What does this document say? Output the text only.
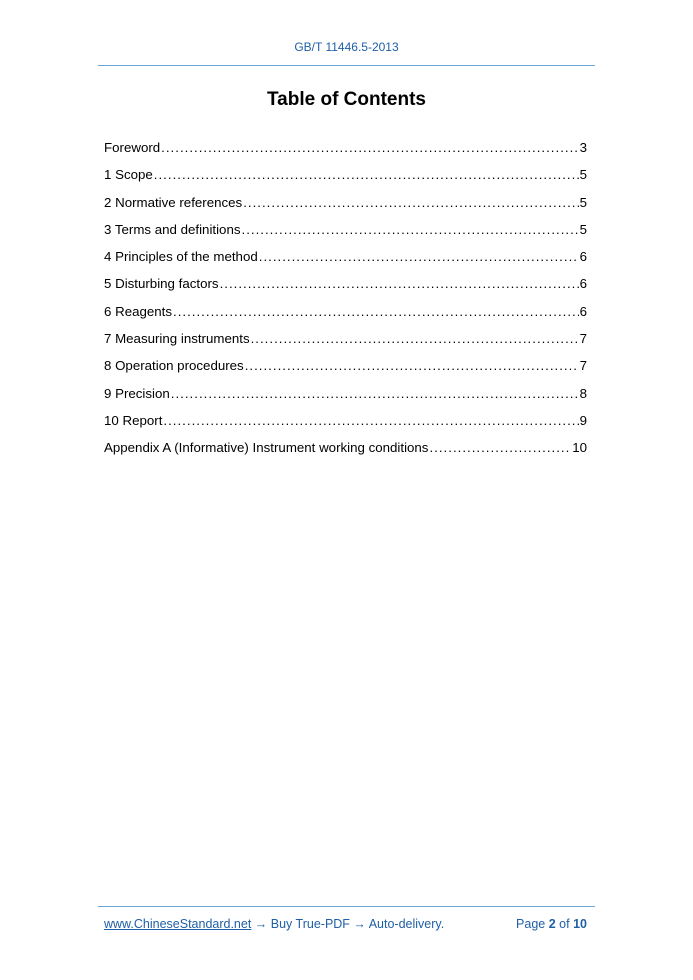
GB/T 11446.5-2013
Table of Contents
Foreword .....	3
1 Scope .....	5
2 Normative references .....	5
3 Terms and definitions .....	5
4 Principles of the method .....	6
5 Disturbing factors .....	6
6 Reagents .....	6
7 Measuring instruments .....	7
8 Operation procedures .....	7
9 Precision .....	8
10 Report .....	9
Appendix A (Informative) Instrument working conditions .....	10
www.ChineseStandard.net → Buy True-PDF → Auto-delivery.	Page 2 of 10
